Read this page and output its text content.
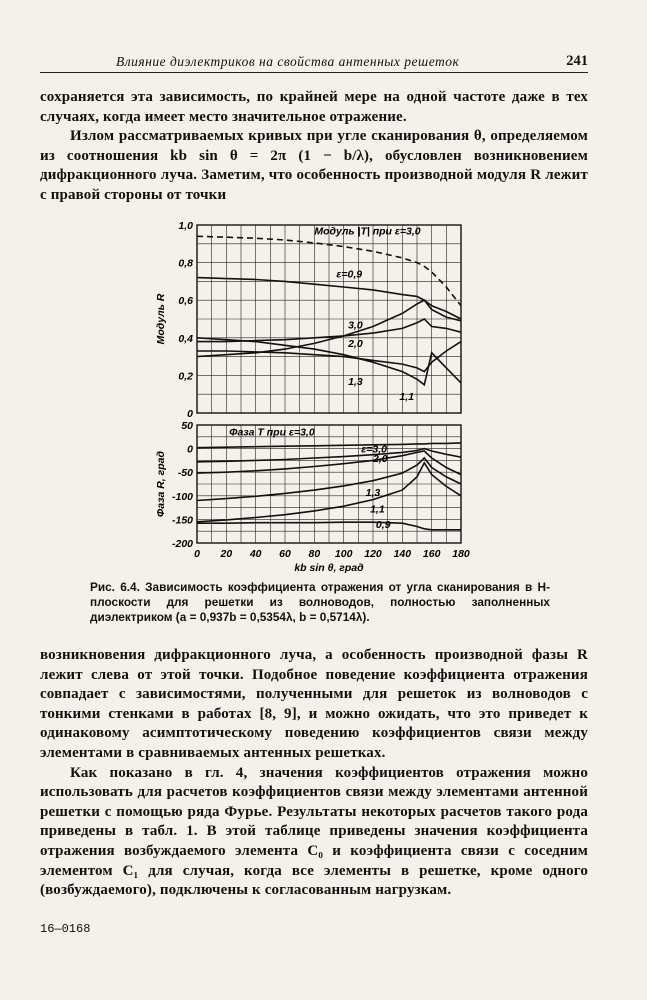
Влияние диэлектриков на свойства антенных решеток	241

сохраняется эта зависимость, по крайней мере на одной частоте даже в тех случаях, когда имеет место значительное отражение.

Излом рассматриваемых кривых при угле сканирования θ, определяемом из соотношения kb sin θ = 2π (1 − b/λ), обусловлен возникновением дифракционного луча. Заметим, что особенность производной модуля R лежит с правой стороны от точки

0
0,2
0,4
0,6
0,8
1,0
Модуль R
Модуль |T| при ε=3,0
ε=0,9
3,0
2,0
1,3
1,1
-200
-150
-100
-50
0
50
0 20 40 60 80 100 120 140 160 180
kb sin θ, град
Фаза R, град
Фаза T при ε=3,0
ε=3,0
2,0
1,3
1,1
0,9
Рис. 6.4. Зависимость коэффициента отражения от угла сканирования в H-плоскости для решетки из волноводов, полностью заполненных диэлектриком (a = 0,937b = 0,5354λ, b = 0,5714λ).

возникновения дифракционного луча, а особенность производной фазы R лежит слева от этой точки. Подобное поведение коэффициента отражения совпадает с зависимостями, полученными для решеток из волноводов с тонкими стенками в работах [8, 9], и можно ожидать, что это приведет к одинаковому асимптотическому поведению коэффициентов связи между элементами в сравниваемых антенных решетках.

Как показано в гл. 4, значения коэффициентов отражения можно использовать для расчетов коэффициентов связи между элементами антенной решетки с помощью ряда Фурье. Результаты некоторых расчетов такого рода приведены в табл. 1. В этой таблице приведены значения коэффициента отражения возбуждаемого элемента C₀ и коэффициента связи с соседним элементом C₁ для случая, когда все элементы в решетке, кроме одного (возбуждаемого), подключены к согласованным нагрузкам.

16—0168
